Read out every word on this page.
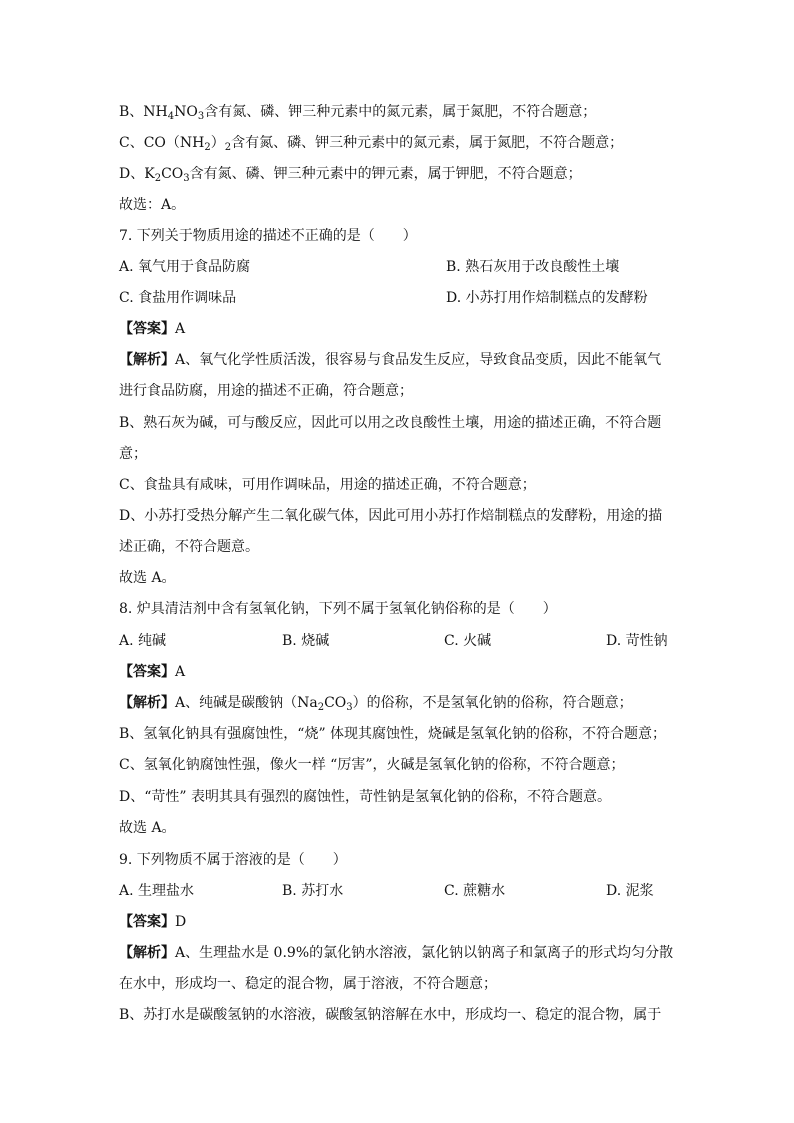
B、$NH_4NO_3$含有氮、磷、钾三种元素中的氮元素，属于氮肥，不符合题意；
C、$CO(NH_2)_2$含有氮、磷、钾三种元素中的氮元素，属于氮肥，不符合题意；
D、$K_2CO_3$含有氮、磷、钾三种元素中的钾元素，属于钾肥，不符合题意；
故选：A。
7. 下列关于物质用途的描述不正确的是（　　）
A. 氧气用于食品防腐	B. 熟石灰用于改良酸性土壤
C. 食盐用作调味品	D. 小苏打用作焙制糕点的发酵粉
【答案】A
【解析】A、氧气化学性质活泼，很容易与食品发生反应，导致食品变质，因此不能氧气
进行食品防腐，用途的描述不正确，符合题意；
B、熟石灰为碱，可与酸反应，因此可以用之改良酸性土壤，用途的描述正确，不符合题
意；
C、食盐具有咸味，可用作调味品，用途的描述正确，不符合题意；
D、小苏打受热分解产生二氧化碳气体，因此可用小苏打作焙制糕点的发酵粉，用途的描
述正确，不符合题意。
故选 A。
8. 炉具清洁剂中含有氢氧化钠，下列不属于氢氧化钠俗称的是（　　）
A. 纯碱	B. 烧碱	C. 火碱	D. 苛性钠
【答案】A
【解析】A、纯碱是碳酸钠$(Na_2CO_3)$的俗称，不是氢氧化钠的俗称，符合题意；
B、氢氧化钠具有强腐蚀性，“烧” 体现其腐蚀性，烧碱是氢氧化钠的俗称，不符合题意；
C、氢氧化钠腐蚀性强，像火一样 “厉害”，火碱是氢氧化钠的俗称，不符合题意；
D、“苛性” 表明其具有强烈的腐蚀性，苛性钠是氢氧化钠的俗称，不符合题意。
故选 A。
9. 下列物质不属于溶液的是（　　）
A. 生理盐水	B. 苏打水	C. 蔗糖水	D. 泥浆
【答案】D
【解析】A、生理盐水是 0.9%的氯化钠水溶液，氯化钠以钠离子和氯离子的形式均匀分散
在水中，形成均一、稳定的混合物，属于溶液，不符合题意；
B、苏打水是碳酸氢钠的水溶液，碳酸氢钠溶解在水中，形成均一、稳定的混合物，属于
